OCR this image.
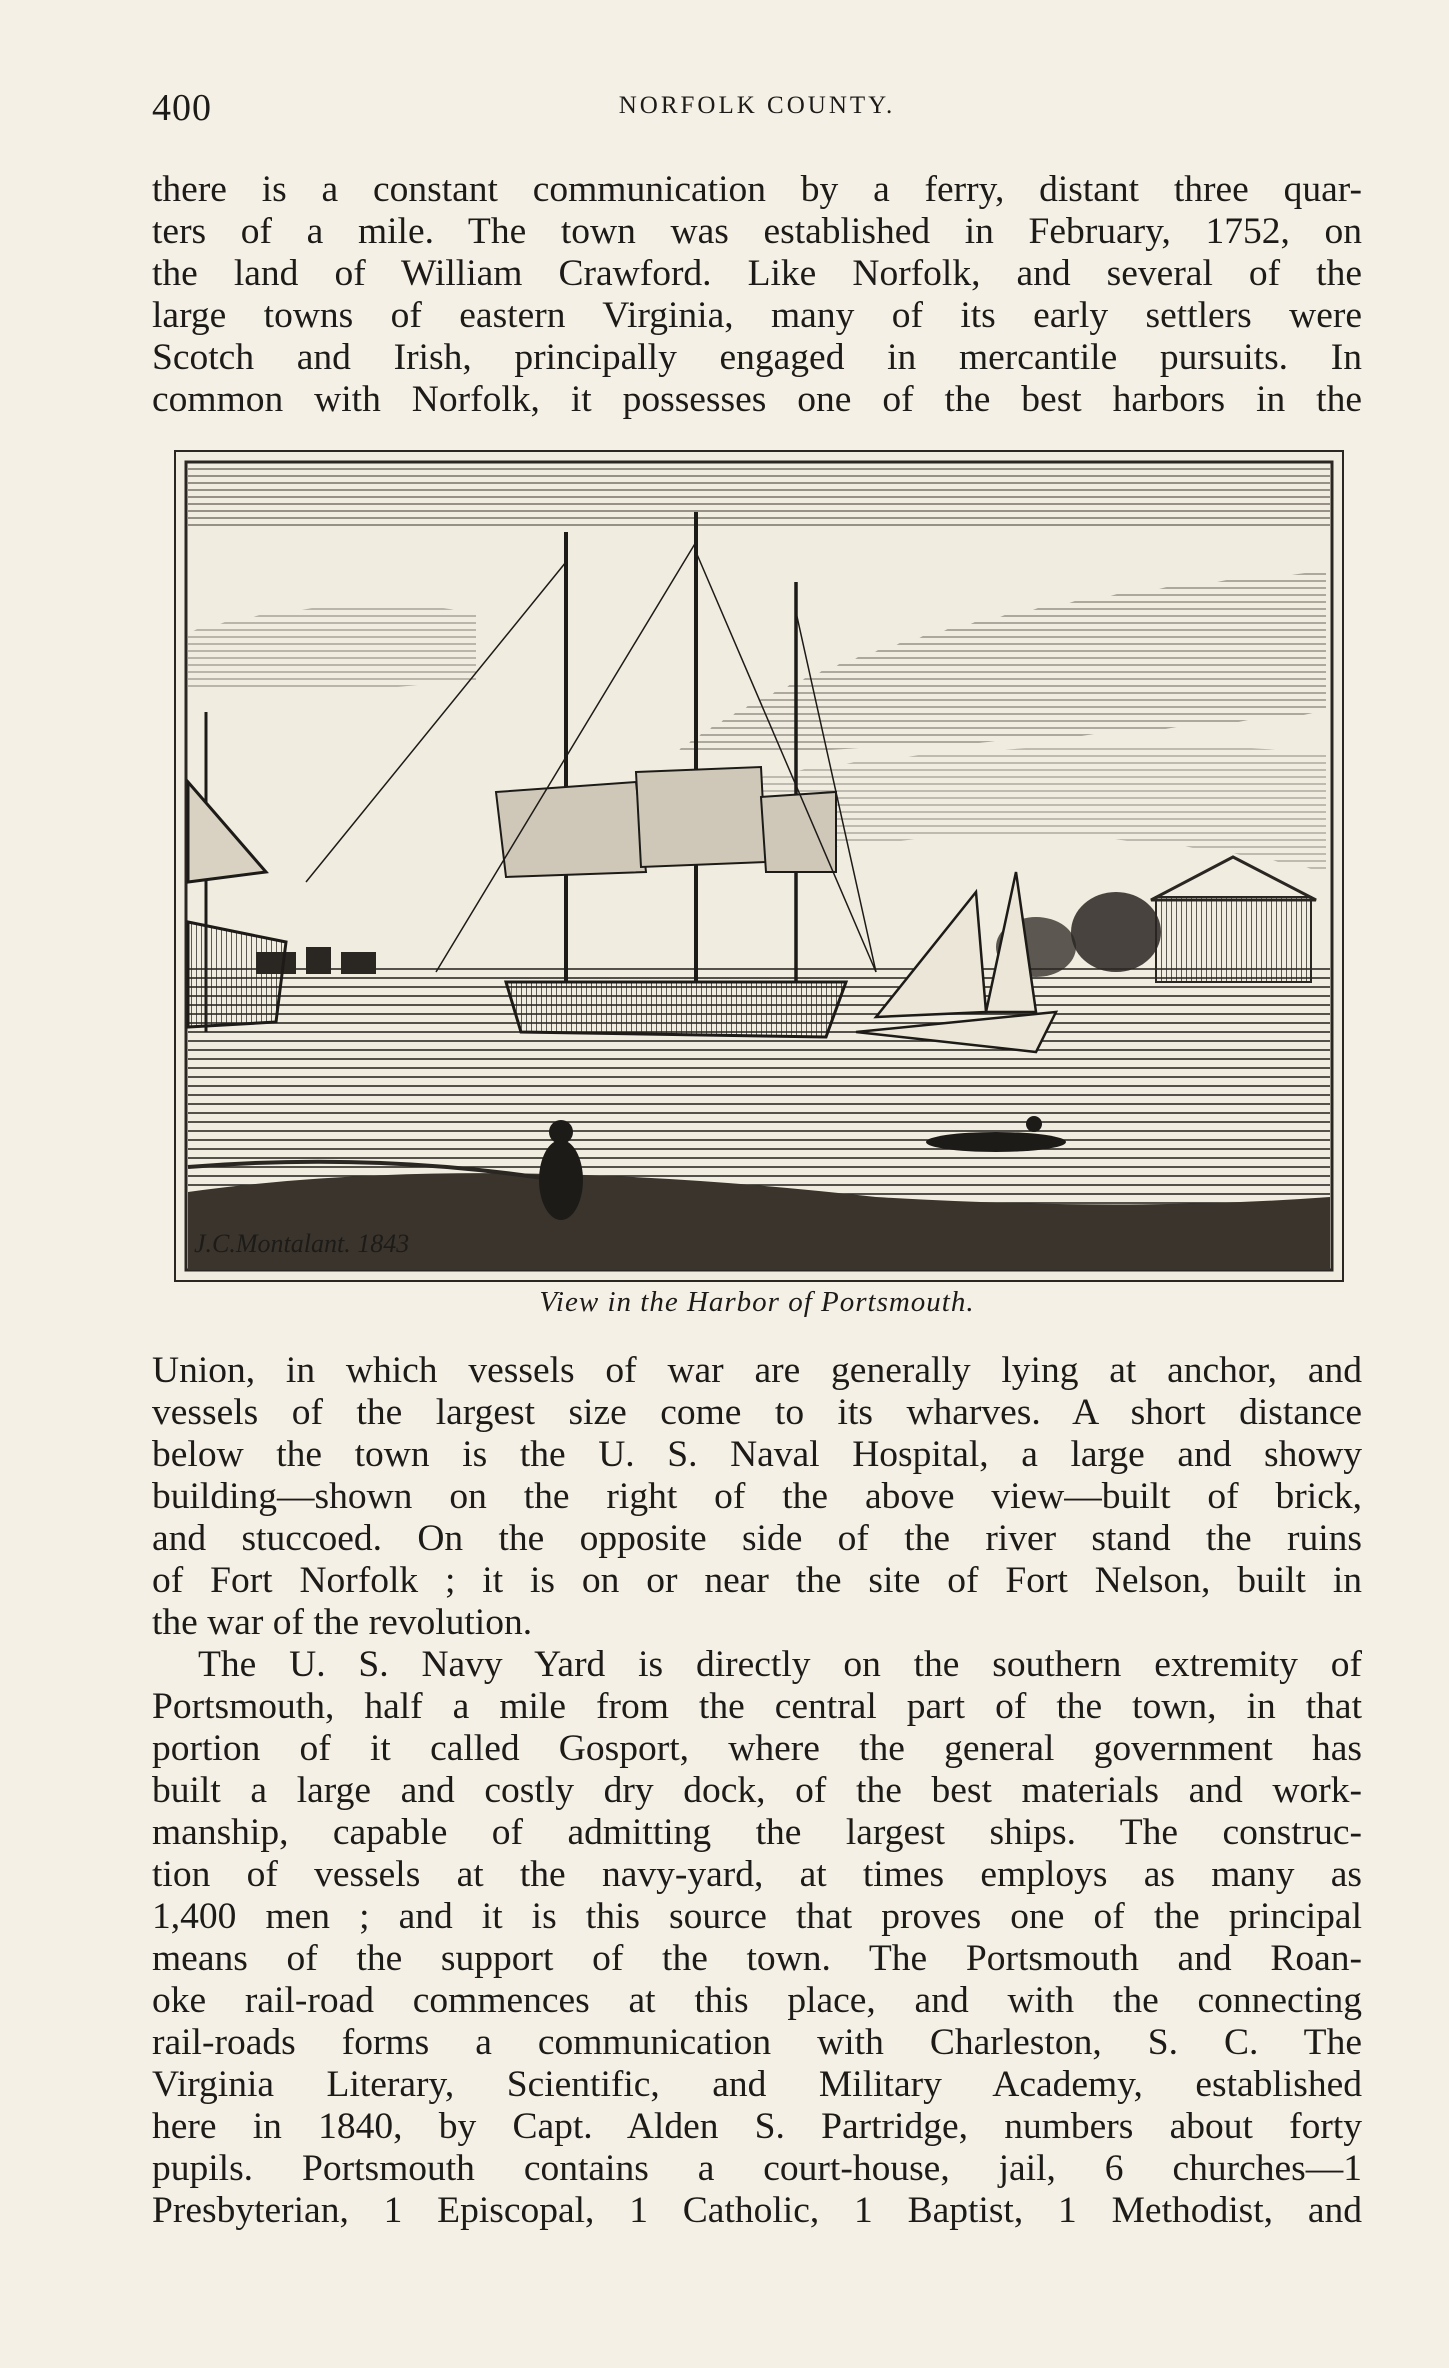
400	NORFOLK COUNTY.
there is a constant communication by a ferry, distant three quar-
ters of a mile. The town was established in February, 1752, on
the land of William Crawford. Like Norfolk, and several of the
large towns of eastern Virginia, many of its early settlers were
Scotch and Irish, principally engaged in mercantile pursuits. In
common with Norfolk, it possesses one of the best harbors in the
J.C.Montalant. 1843
View in the Harbor of Portsmouth.
Union, in which vessels of war are generally lying at anchor, and
vessels of the largest size come to its wharves. A short distance
below the town is the U. S. Naval Hospital, a large and showy
building—shown on the right of the above view—built of brick,
and stuccoed. On the opposite side of the river stand the ruins
of Fort Norfolk ; it is on or near the site of Fort Nelson, built in
the war of the revolution.
The U. S. Navy Yard is directly on the southern extremity of
Portsmouth, half a mile from the central part of the town, in that
portion of it called Gosport, where the general government has
built a large and costly dry dock, of the best materials and work-
manship, capable of admitting the largest ships. The construc-
tion of vessels at the navy-yard, at times employs as many as
1,400 men ; and it is this source that proves one of the principal
means of the support of the town. The Portsmouth and Roan-
oke rail-road commences at this place, and with the connecting
rail-roads forms a communication with Charleston, S. C. The
Virginia Literary, Scientific, and Military Academy, established
here in 1840, by Capt. Alden S. Partridge, numbers about forty
pupils. Portsmouth contains a court-house, jail, 6 churches—1
Presbyterian, 1 Episcopal, 1 Catholic, 1 Baptist, 1 Methodist, and
